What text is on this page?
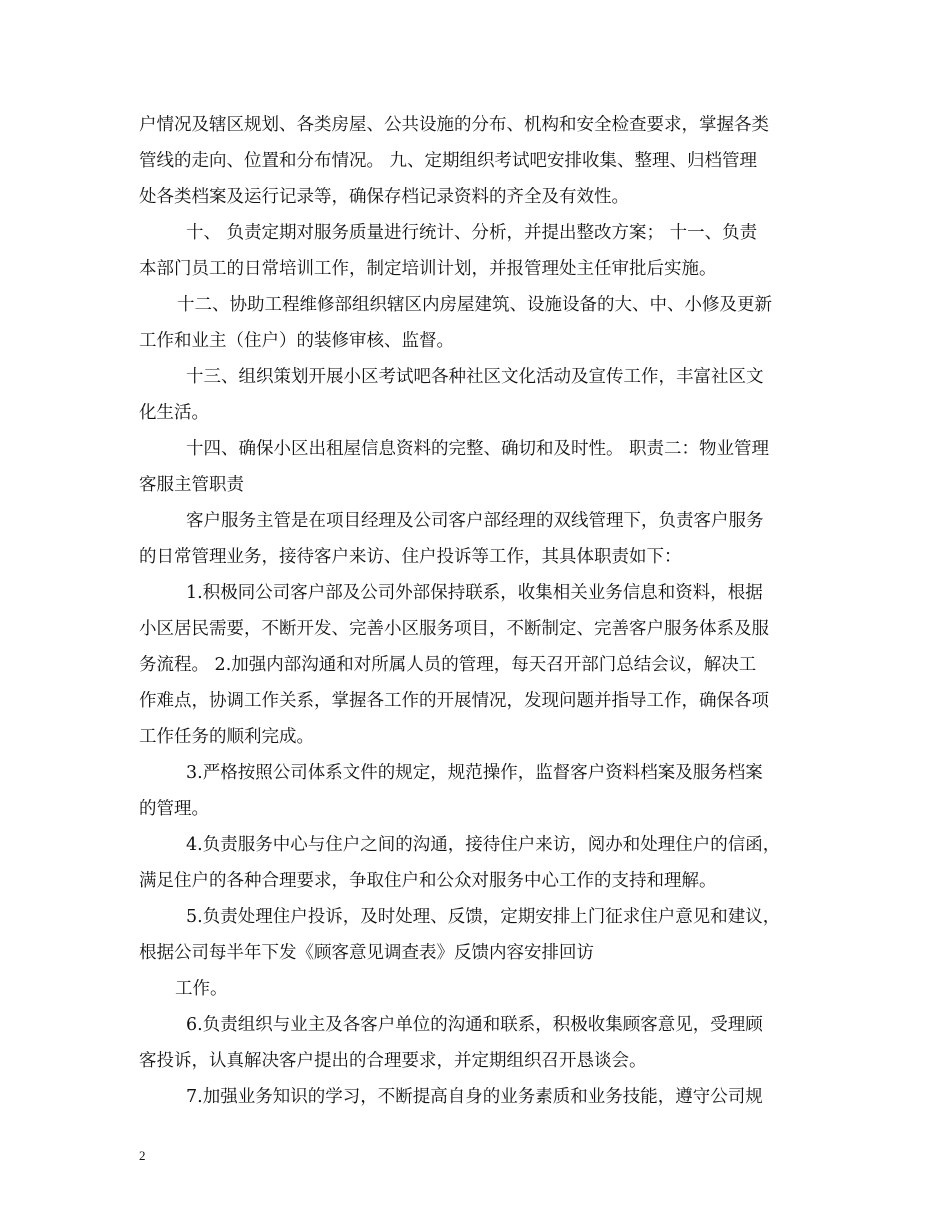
户情况及辖区规划、各类房屋、公共设施的分布、机构和安全检查要求，掌握各类
管线的走向、位置和分布情况。 九、定期组织考试吧安排收集、整理、归档管理
处各类档案及运行记录等，确保存档记录资料的齐全及有效性。
十、 负责定期对服务质量进行统计、分析，并提出整改方案； 十一、负责
本部门员工的日常培训工作，制定培训计划，并报管理处主任审批后实施。
十二、协助工程维修部组织辖区内房屋建筑、设施设备的大、中、小修及更新
工作和业主（住户）的装修审核、监督。
十三、组织策划开展小区考试吧各种社区文化活动及宣传工作，丰富社区文
化生活。
十四、确保小区出租屋信息资料的完整、确切和及时性。 职责二：物业管理
客服主管职责
客户服务主管是在项目经理及公司客户部经理的双线管理下，负责客户服务
的日常管理业务，接待客户来访、住户投诉等工作，其具体职责如下：
1.积极同公司客户部及公司外部保持联系，收集相关业务信息和资料，根据
小区居民需要，不断开发、完善小区服务项目，不断制定、完善客户服务体系及服
务流程。 2.加强内部沟通和对所属人员的管理，每天召开部门总结会议，解决工
作难点，协调工作关系，掌握各工作的开展情况，发现问题并指导工作，确保各项
工作任务的顺利完成。
3.严格按照公司体系文件的规定，规范操作，监督客户资料档案及服务档案
的管理。
4.负责服务中心与住户之间的沟通，接待住户来访，阅办和处理住户的信函，
满足住户的各种合理要求，争取住户和公众对服务中心工作的支持和理解。
5.负责处理住户投诉，及时处理、反馈，定期安排上门征求住户意见和建议，
根据公司每半年下发《顾客意见调查表》反馈内容安排回访
工作。
6.负责组织与业主及各客户单位的沟通和联系，积极收集顾客意见，受理顾
客投诉，认真解决客户提出的合理要求，并定期组织召开恳谈会。
7.加强业务知识的学习，不断提高自身的业务素质和业务技能，遵守公司规
2
